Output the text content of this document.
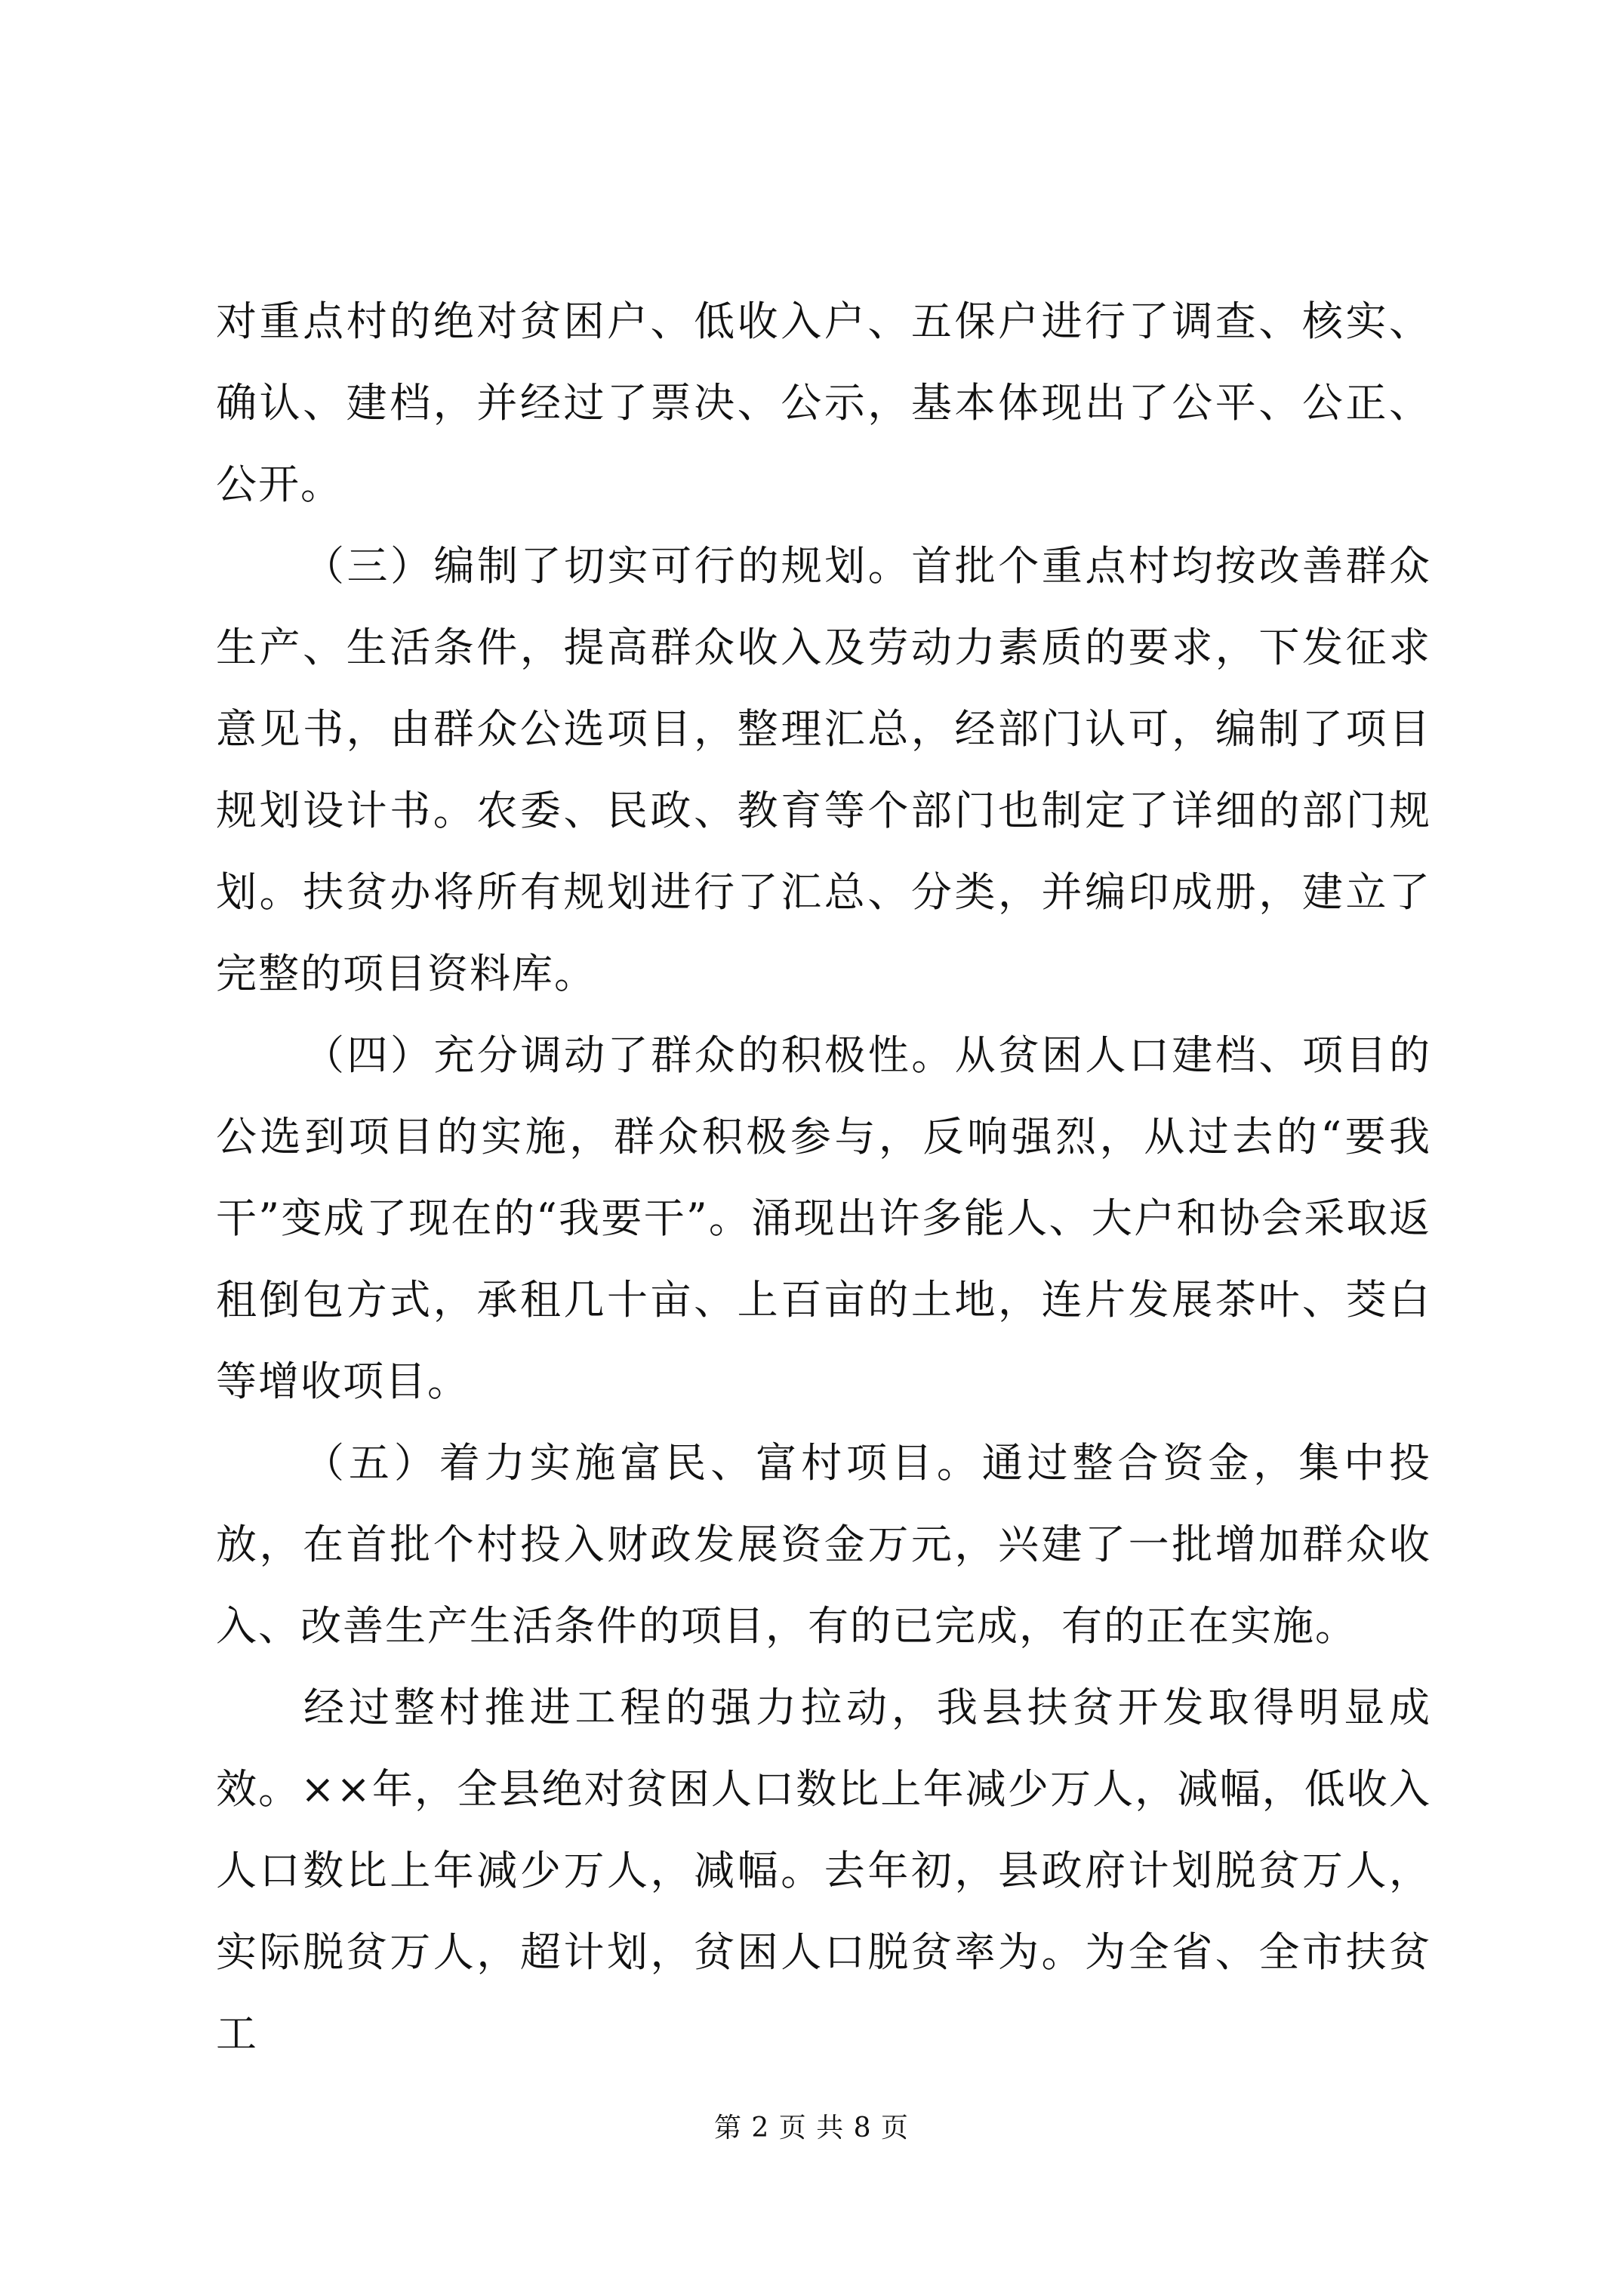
对重点村的绝对贫困户、低收入户、五保户进行了调查、核实、确认、建档，并经过了票决、公示，基本体现出了公平、公正、公开。

（三）编制了切实可行的规划。首批个重点村均按改善群众生产、生活条件，提高群众收入及劳动力素质的要求，下发征求意见书，由群众公选项目，整理汇总，经部门认可，编制了项目规划设计书。农委、民政、教育等个部门也制定了详细的部门规划。扶贫办将所有规划进行了汇总、分类，并编印成册，建立了完整的项目资料库。

（四）充分调动了群众的积极性。从贫困人口建档、项目的公选到项目的实施，群众积极参与，反响强烈，从过去的“要我干”变成了现在的“我要干”。涌现出许多能人、大户和协会采取返租倒包方式，承租几十亩、上百亩的土地，连片发展茶叶、茭白等增收项目。

（五）着力实施富民、富村项目。通过整合资金，集中投放，在首批个村投入财政发展资金万元，兴建了一批增加群众收入、改善生产生活条件的项目，有的已完成，有的正在实施。

经过整村推进工程的强力拉动，我县扶贫开发取得明显成效。××年，全县绝对贫困人口数比上年减少万人，减幅，低收入人口数比上年减少万人，减幅。去年初，县政府计划脱贫万人，实际脱贫万人，超计划，贫困人口脱贫率为。为全省、全市扶贫工

第 2 页 共 8 页
